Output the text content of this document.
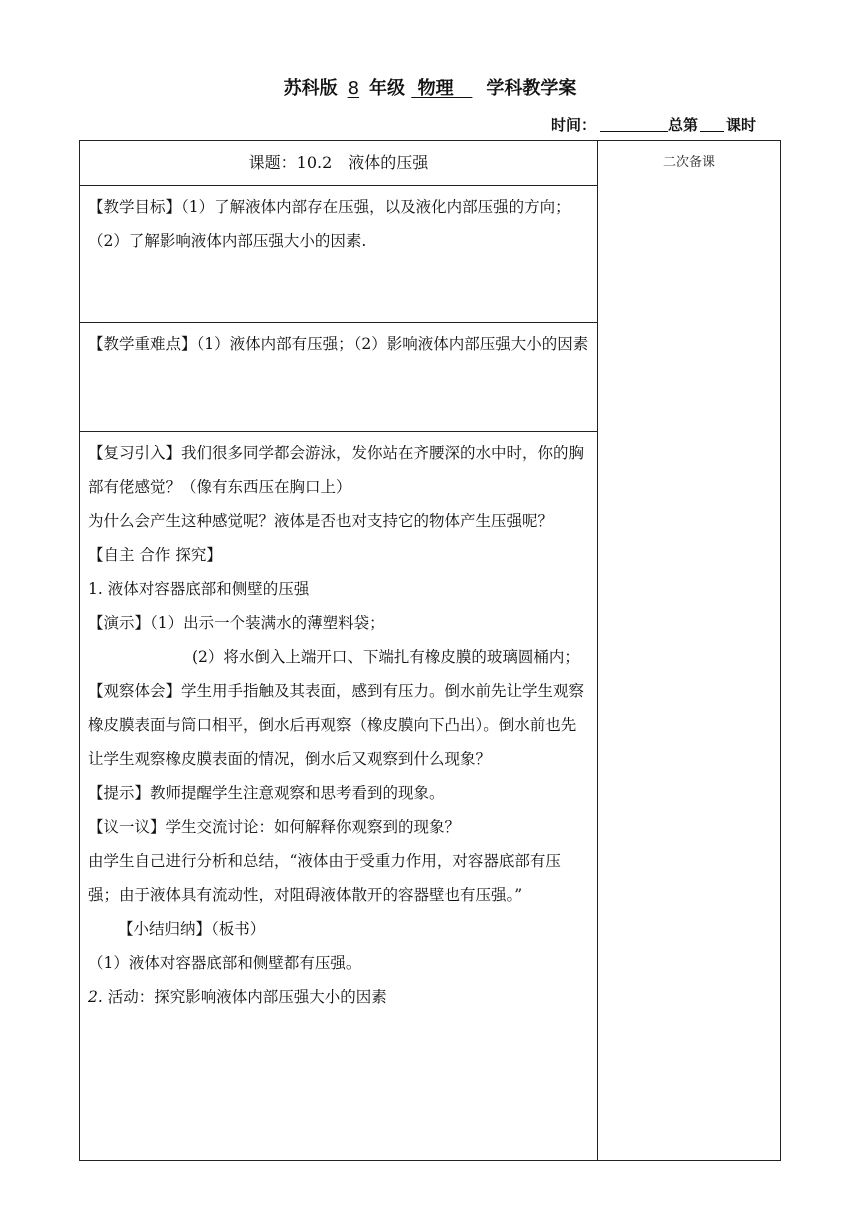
苏科版 8 年级 物理 学科教学案
时间：	总第 课时
课题：10.2　液体的压强	二次备课

【教学目标】（1）了解液体内部存在压强，以及液化内部压强的方向；

（2）了解影响液体内部压强大小的因素.

【教学重难点】（1）液体内部有压强；（2）影响液体内部压强大小的因素

【复习引入】我们很多同学都会游泳，发你站在齐腰深的水中时，你的胸部有佬感觉？（像有东西压在胸口上）

为什么会产生这种感觉呢？液体是否也对支持它的物体产生压强呢？

【自主 合作 探究】

1. 液体对容器底部和侧壁的压强

【演示】（1）出示一个装满水的薄塑料袋；

(2）将水倒入上端开口、下端扎有橡皮膜的玻璃圆桶内；

【观察体会】学生用手指触及其表面，感到有压力。倒水前先让学生观察橡皮膜表面与筒口相平，倒水后再观察（橡皮膜向下凸出）。倒水前也先让学生观察橡皮膜表面的情况，倒水后又观察到什么现象？

【提示】教师提醒学生注意观察和思考看到的现象。

【议一议】学生交流讨论：如何解释你观察到的现象？

由学生自己进行分析和总结，“液体由于受重力作用，对容器底部有压强；由于液体具有流动性，对阻碍液体散开的容器壁也有压强。”

【小结归纳】（板书）

（1）液体对容器底部和侧壁都有压强。

2. 活动：探究影响液体内部压强大小的因素
